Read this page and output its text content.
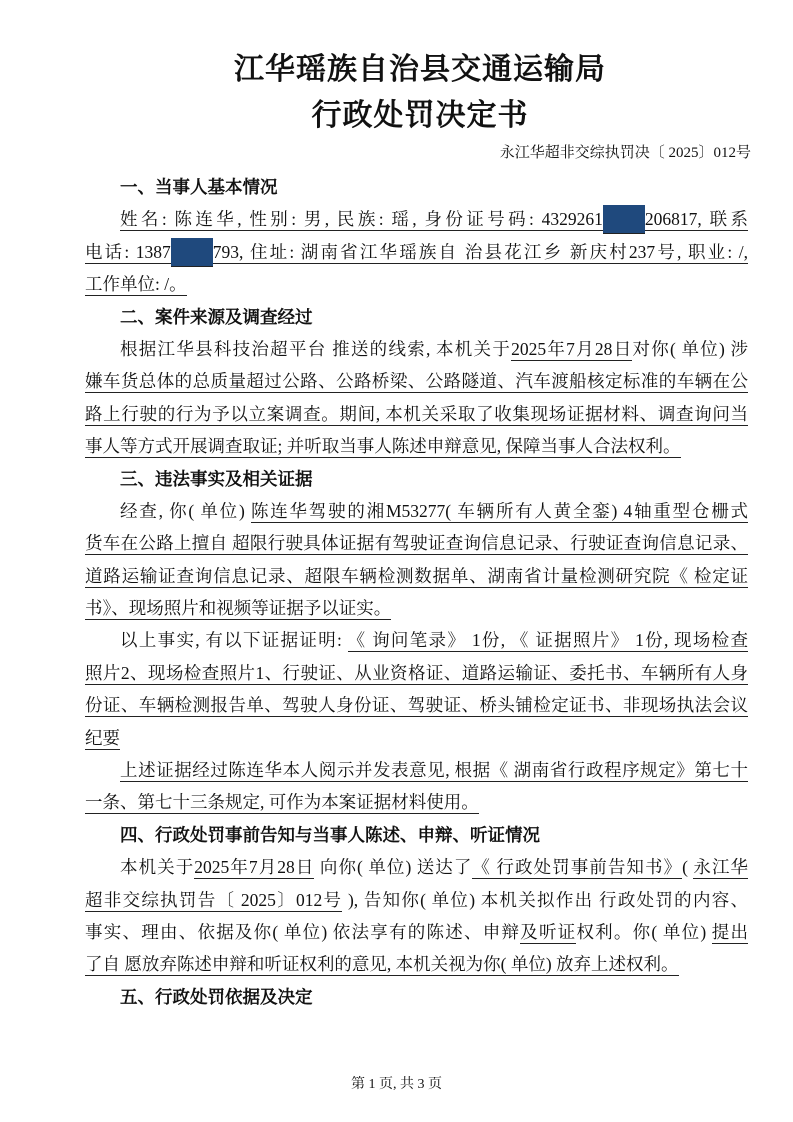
江华瑶族自治县交通运输局
行政处罚决定书
永江华超非交综执罚决〔 2025〕012号
一、当事人基本情况
姓名: 陈连华, 性别: 男, 民族: 瑶, 身份证号码: 4329261 206817, 联系
电话: 1387 793, 住址: 湖南省江华瑶族自 治县花江乡 新庆村237号, 职业: /,
工作单位: /。
二、案件来源及调查经过
根据江华县科技治超平台 推送的线索, 本机关于2025年7月28日对你( 单位) 涉
嫌车货总体的总质量超过公路、公路桥梁、公路隧道、汽车渡船核定标准的车辆在公
路上行驶的行为予以立案调查。期间, 本机关采取了收集现场证据材料、调查询问当
事人等方式开展调查取证; 并听取当事人陈述申辩意见, 保障当事人合法权利。
三、违法事实及相关证据
经查, 你( 单位) 陈连华驾驶的湘M53277( 车辆所有人黄全銮) 4轴重型仓栅式
货车在公路上擅自 超限行驶具体证据有驾驶证查询信息记录、行驶证查询信息记录、
道路运输证查询信息记录、超限车辆检测数据单、湖南省计量检测研究院《 检定证
书》、现场照片和视频等证据予以证实。
以上事实, 有以下证据证明: 《 询问笔录》 1份, 《 证据照片》 1份, 现场检查
照片2、现场检查照片1、行驶证、从业资格证、道路运输证、委托书、车辆所有人身
份证、车辆检测报告单、驾驶人身份证、驾驶证、桥头铺检定证书、非现场执法会议
纪要
上述证据经过陈连华本人阅示并发表意见, 根据《 湖南省行政程序规定》第七十
一条、第七十三条规定, 可作为本案证据材料使用。
四、行政处罚事前告知与当事人陈述、申辩、听证情况
本机关于2025年7月28日 向你( 单位) 送达了《 行政处罚事前告知书》( 永江华
超非交综执罚告〔 2025〕012号 ), 告知你( 单位) 本机关拟作出 行政处罚的内容、
事实、理由、依据及你( 单位) 依法享有的陈述、申辩及听证权利。你( 单位) 提出
了自 愿放弃陈述申辩和听证权利的意见, 本机关视为你( 单位) 放弃上述权利。
五、行政处罚依据及决定
第 1 页, 共 3 页
